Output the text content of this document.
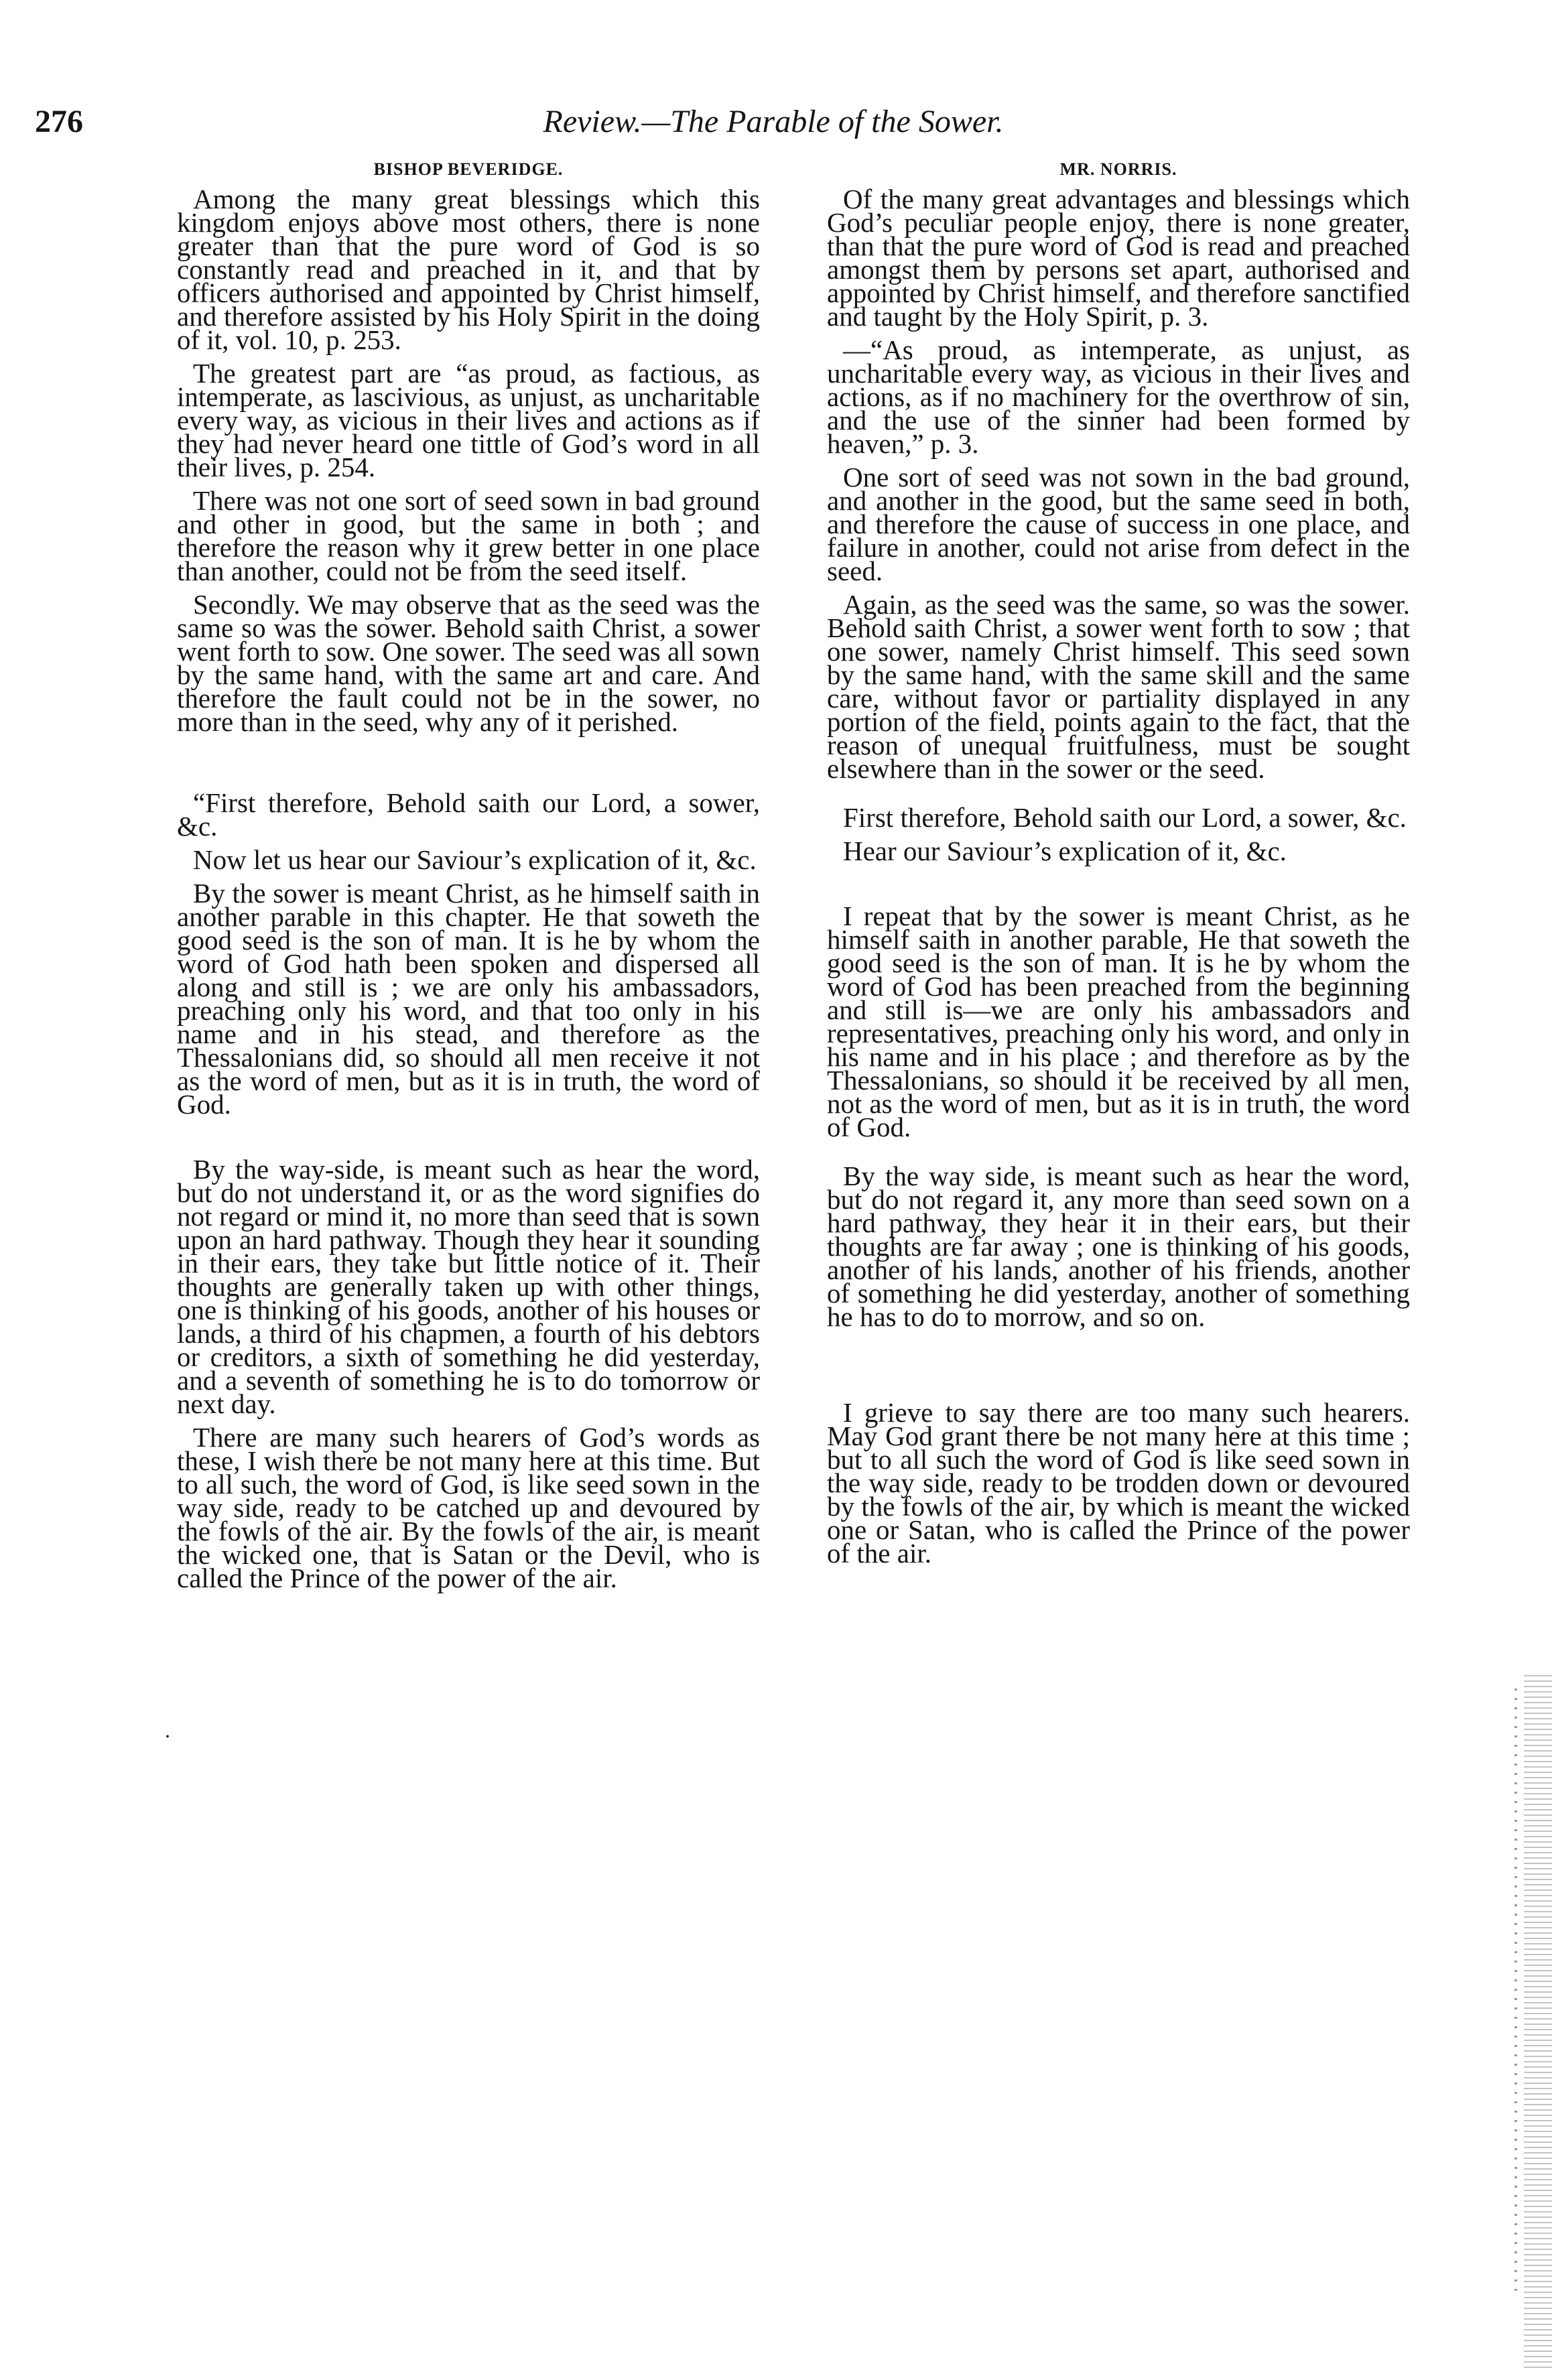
276	Review.—The Parable of the Sower.
BISHOP BEVERIDGE.

Among the many great blessings which this kingdom enjoys above most others, there is none greater than that the pure word of God is so constantly read and preached in it, and that by officers authorised and appointed by Christ himself, and therefore assisted by his Holy Spirit in the doing of it, vol. 10, p. 253.

The greatest part are “as proud, as factious, as intemperate, as lascivious, as unjust, as uncharitable every way, as vicious in their lives and actions as if they had never heard one tittle of God’s word in all their lives, p. 254.

There was not one sort of seed sown in bad ground and other in good, but the same in both ; and therefore the reason why it grew better in one place than another, could not be from the seed itself.

Secondly. We may observe that as the seed was the same so was the sower. Behold saith Christ, a sower went forth to sow. One sower. The seed was all sown by the same hand, with the same art and care. And therefore the fault could not be in the sower, no more than in the seed, why any of it perished.

“First therefore, Behold saith our Lord, a sower, &c.

Now let us hear our Saviour’s explication of it, &c.

By the sower is meant Christ, as he himself saith in another parable in this chapter. He that soweth the good seed is the son of man. It is he by whom the word of God hath been spoken and dispersed all along and still is ; we are only his ambassadors, preaching only his word, and that too only in his name and in his stead, and therefore as the Thessalonians did, so should all men receive it not as the word of men, but as it is in truth, the word of God.

By the way-side, is meant such as hear the word, but do not understand it, or as the word signifies do not regard or mind it, no more than seed that is sown upon an hard pathway. Though they hear it sounding in their ears, they take but little notice of it. Their thoughts are generally taken up with other things, one is thinking of his goods, another of his houses or lands, a third of his chapmen, a fourth of his debtors or creditors, a sixth of something he did yesterday, and a seventh of something he is to do tomorrow or next day.

There are many such hearers of God’s words as these, I wish there be not many here at this time. But to all such, the word of God, is like seed sown in the way side, ready to be catched up and devoured by the fowls of the air. By the fowls of the air, is meant the wicked one, that is Satan or the Devil, who is called the Prince of the power of the air.

MR. NORRIS.

Of the many great advantages and blessings which God’s peculiar people enjoy, there is none greater, than that the pure word of God is read and preached amongst them by persons set apart, authorised and appointed by Christ himself, and therefore sanctified and taught by the Holy Spirit, p. 3.

—“As proud, as intemperate, as unjust, as uncharitable every way, as vicious in their lives and actions, as if no machinery for the overthrow of sin, and the use of the sinner had been formed by heaven,” p. 3.

One sort of seed was not sown in the bad ground, and another in the good, but the same seed in both, and therefore the cause of success in one place, and failure in another, could not arise from defect in the seed.

Again, as the seed was the same, so was the sower. Behold saith Christ, a sower went forth to sow ; that one sower, namely Christ himself. This seed sown by the same hand, with the same skill and the same care, without favor or partiality displayed in any portion of the field, points again to the fact, that the reason of unequal fruitfulness, must be sought elsewhere than in the sower or the seed.

First therefore, Behold saith our Lord, a sower, &c.

Hear our Saviour’s explication of it, &c.

I repeat that by the sower is meant Christ, as he himself saith in another parable, He that soweth the good seed is the son of man. It is he by whom the word of God has been preached from the beginning and still is—we are only his ambassadors and representatives, preaching only his word, and only in his name and in his place ; and therefore as by the Thessalonians, so should it be received by all men, not as the word of men, but as it is in truth, the word of God.

By the way side, is meant such as hear the word, but do not regard it, any more than seed sown on a hard pathway, they hear it in their ears, but their thoughts are far away ; one is thinking of his goods, another of his lands, another of his friends, another of something he did yesterday, another of something he has to do to morrow, and so on.

I grieve to say there are too many such hearers. May God grant there be not many here at this time ; but to all such the word of God is like seed sown in the way side, ready to be trodden down or devoured by the fowls of the air, by which is meant the wicked one or Satan, who is called the Prince of the power of the air.

.
